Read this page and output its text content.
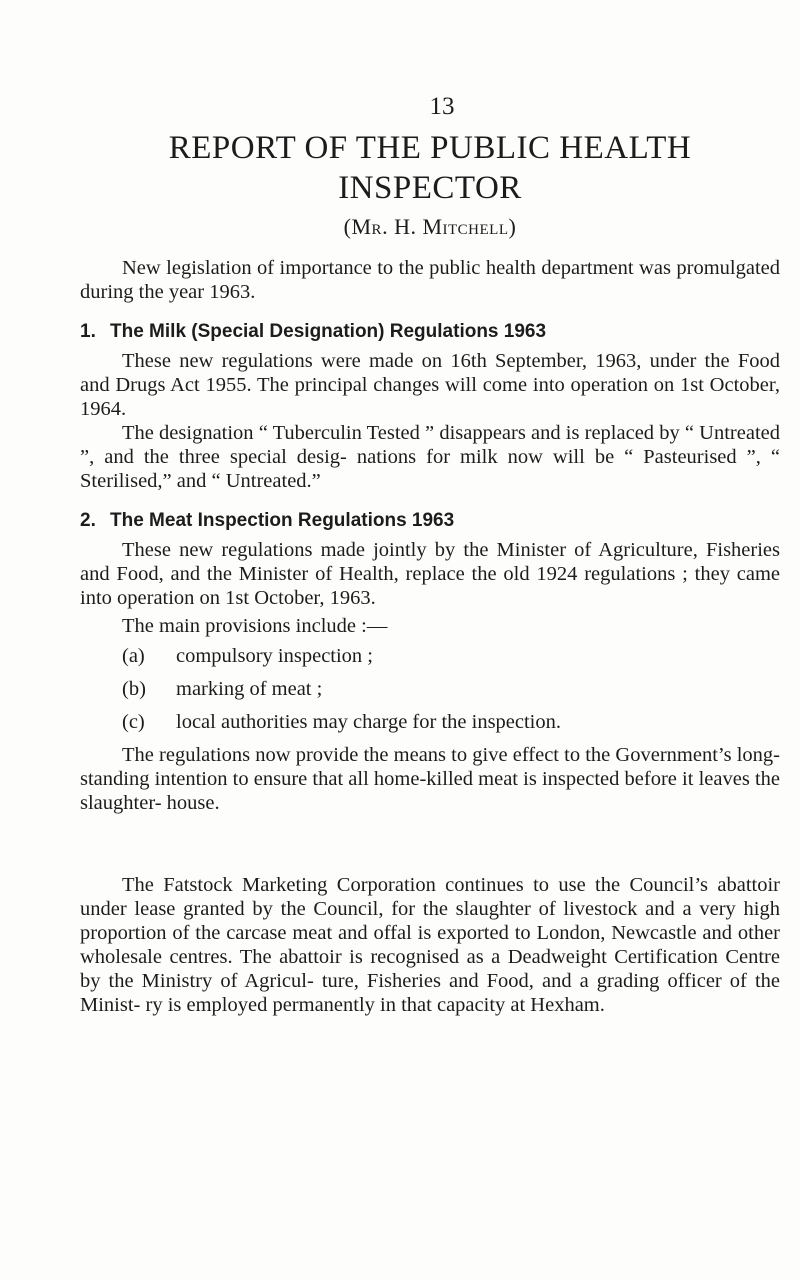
13
REPORT OF THE PUBLIC HEALTH
INSPECTOR
(Mr. H. Mitchell)

New legislation of importance to the public health department was promulgated during the year 1963.

1. The Milk (Special Designation) Regulations 1963

These new regulations were made on 16th September, 1963, under the Food and Drugs Act 1955. The principal changes will come into operation on 1st October, 1964.

The designation “ Tuberculin Tested ” disappears and is replaced by “ Untreated ”, and the three special desig- nations for milk now will be “ Pasteurised ”, “ Sterilised,” and “ Untreated.”

2. The Meat Inspection Regulations 1963

These new regulations made jointly by the Minister of Agriculture, Fisheries and Food, and the Minister of Health, replace the old 1924 regulations ; they came into operation on 1st October, 1963.

The main provisions include :—

(a)	compulsory inspection ;
(b)	marking of meat ;
(c)	local authorities may charge for the inspection.

The regulations now provide the means to give effect to the Government’s long-standing intention to ensure that all home-killed meat is inspected before it leaves the slaughter- house.

The Fatstock Marketing Corporation continues to use the Council’s abattoir under lease granted by the Council, for the slaughter of livestock and a very high proportion of the carcase meat and offal is exported to London, Newcastle and other wholesale centres. The abattoir is recognised as a Deadweight Certification Centre by the Ministry of Agricul- ture, Fisheries and Food, and a grading officer of the Minist- ry is employed permanently in that capacity at Hexham.
